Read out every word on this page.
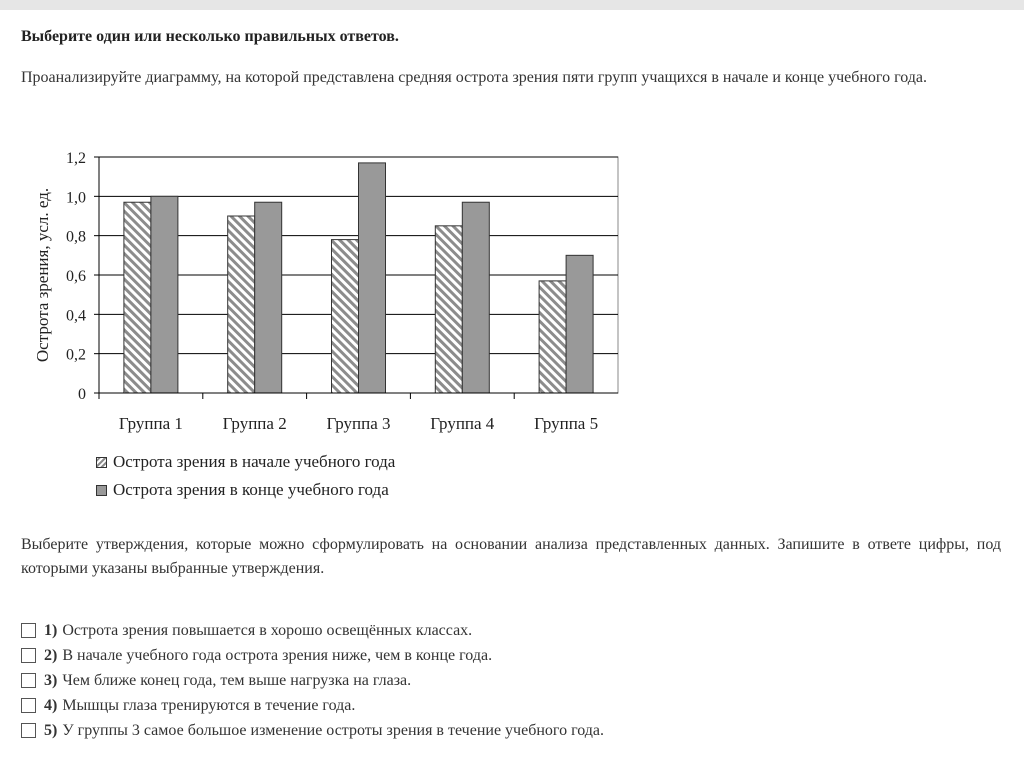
Выберите один или несколько правильных ответов.
Проанализируйте диаграмму, на которой представлена средняя острота зрения пяти групп учащихся в начале и конце учебного года.
0
0,2
0,4
0,6
0,8
1,0
1,2
Группа 1 Группа 2 Группа 3 Группа 4 Группа 5
Острота зрения, усл. ед.
Острота зрения в начале учебного года
Острота зрения в конце учебного года
Выберите утверждения, которые можно сформулировать на основании анализа представленных данных. Запишите в ответе цифры, под которыми указаны выбранные утверждения.
1) Острота зрения повышается в хорошо освещённых классах.
2) В начале учебного года острота зрения ниже, чем в конце года.
3) Чем ближе конец года, тем выше нагрузка на глаза.
4) Мышцы глаза тренируются в течение года.
5) У группы 3 самое большое изменение остроты зрения в течение учебного года.
